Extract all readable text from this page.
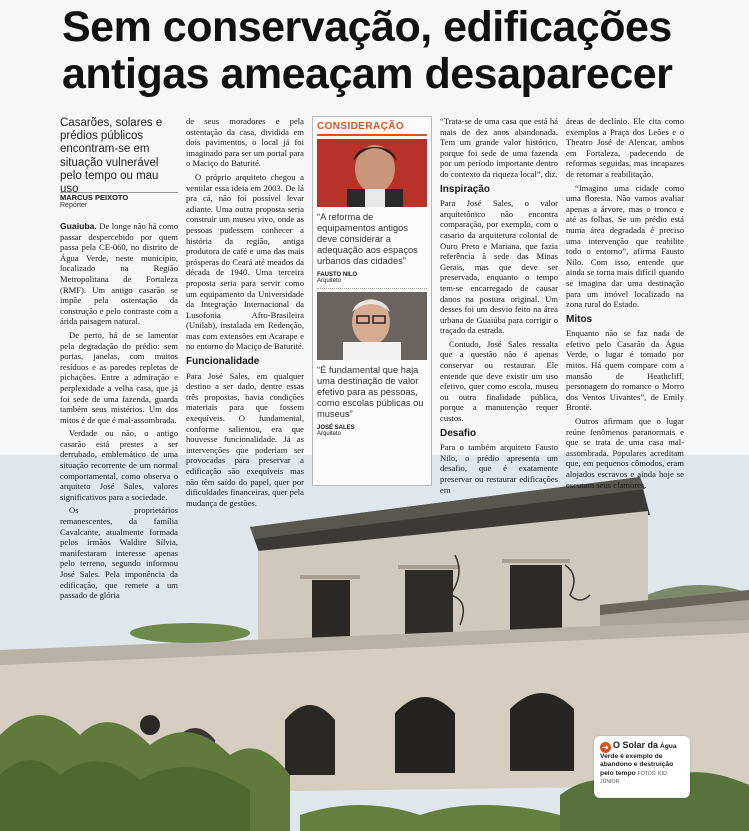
Sem conservação, edificações
antigas ameaçam desaparecer
Casarões, solares e prédios públicos encontram-se em situação vulnerável pelo tempo ou mau uso
MARCUS PEIXOTO
Repórter

Guaiuba. De longe não há como passar despercebido por quem passa pela CE-060, no distrito de Água Verde, neste município, localizado na Região Metropolitana de Fortaleza (RMF). Um antigo casarão se impõe pela ostentação da construção e pelo contraste com a árida paisagem natural.

De perto, há de se lamentar pela degradação do prédio: sem portas, janelas, com muitos resíduos e as paredes repletas de pichações. Entre a admiração e perplexidade a velha casa, que já foi sede de uma fazenda, guarda também seus mistérios. Um dos mitos é de que é mal-assombrada.

Verdade ou não, o antigo casarão está prestes a ser derrubado, emblemático de uma situação recorrente de um normal comportamental, como observa o arquiteto José Sales, valores significativos para a sociedade.

Os proprietários remanescentes, da família Cavalcante, atualmente formada pelos irmãos Waldire Sílvia, manifestaram interesse apenas pelo terreno, segundo informou José Sales. Pela imponência da edificação, que remete a um passado de glória

de seus moradores e pela ostentação da casa, dividida em dois pavimentos, o local já foi imaginado para ser um portal para o Maciço do Baturité.

O próprio arquiteto chegou a ventilar essa ideia em 2003. De lá pra cá, não foi possível levar adiante. Uma outra proposta seria construir um museu vivo, onde as pessoas pudessem conhecer a história da região, antiga produtora de café e uma das mais prósperas do Ceará até meados da década de 1940. Uma terceira proposta seria para servir como um equipamento da Universidade da Integração Internacional da Lusofonia Afro-Brasileira (Unilab), instalada em Redenção, mas com extensões em Acarape e no entorno do Maciço de Baturité.

Funcionalidade

Para José Sales, em qualquer destino a ser dado, dentre essas três propostas, havia condições materiais para que fossem exequíveis. O fundamental, conforme salientou, era que houvesse funcionalidade. Já as intervenções que poderiam ser provocadas para preservar a edificação são exequíveis mas não têm saído do papel, quer por dificuldades financeiras, quer pela mudança de gestões.

CONSIDERAÇÃO
“A reforma de equipamentos antigos deve considerar a adequação aos espaços urbanos das cidades”
FAUSTO NILO
Arquiteto
“É fundamental que haja uma destinação de valor efetivo para as pessoas, como escolas públicas ou museus”
JOSÉ SALES
Arquiteto

“Trata-se de uma casa que está há mais de dez anos abandonada. Tem um grande valor histórico, porque foi sede de uma fazenda por um período importante dentro do contexto da riqueza local”, diz.

Inspiração

Para José Sales, o valor arquitetônico não encontra comparação, por exemplo, com o casario da arquitetura colonial de Ouro Preto e Mariana, que fazia referência à sede das Minas Gerais, mas que deve ser preservada, enquanto o tempo tem-se encarregado de causar danos na postura original. Um desses foi um desvio feito na área urbana de Guaiúba para corrigir o traçado da estrada.

Contudo, José Sales ressalta que a questão não é apenas conservar ou restaurar. Ele entende que deve existir um uso efetivo, quer como escola, museu ou outra finalidade pública, porque a manutenção requer custos.

Desafio

Para o também arquiteto Fausto Nilo, o prédio apresenta um desafio, que é exatamente preservar ou restaurar edificações em

áreas de declínio. Ele cita como exemplos a Praça dos Leões e o Theatro José de Alencar, ambos em Fortaleza, padecendo de reformas seguidas, mas incapazes de retomar a reabilitação.

“Imagino uma cidade como uma floresta. Não vamos avaliar apenas a árvore, mas o tronco e até as folhas. Se um prédio está numa área degradada é preciso uma intervenção que reabilite todo o entorno”, afirma Fausto Nilo. Com isso, entende que ainda se torna mais difícil quando se imagina dar uma destinação para um imóvel localizado na zona rural do Estado.

Mitos

Enquanto não se faz nada de efetivo pelo Casarão da Água Verde, o lugar é tomado por mitos. Há quem compare com a mansão de Heathcliff, personagem do romance o Morro dos Ventos Uivantes”, de Emily Brontë.

Outros afirmam que o lugar reúne fenômenos paranormais e que se trata de uma casa mal-assombrada. Populares acreditam que, em pequenos cômodos, eram alojados escravos e ainda hoje se escutam seus clamores.

➔ O Solar da Água Verde é exemplo de abandono e destruição pelo tempo FOTOS: KID JÚNIOR
